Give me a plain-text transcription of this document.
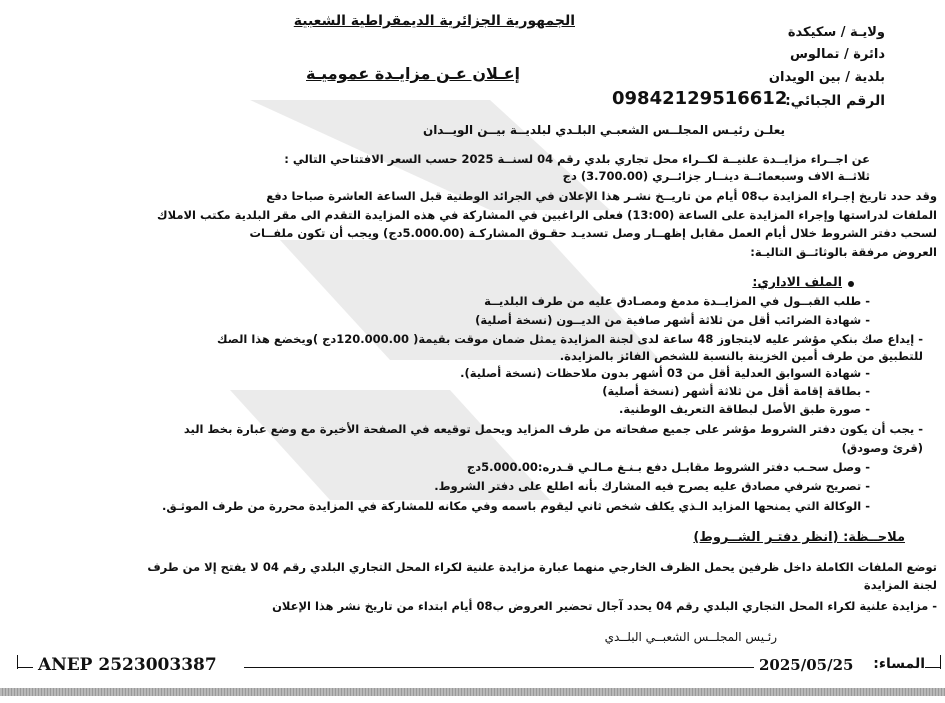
الجمهورية الجزائرية الديمقراطية الشعبية
ولايـة / سكيكدة
دائرة / تمالوس
بلدية / بين الويدان
الرقم الجبائي:
09842129516612
إعـلان عـن مزايـدة عموميـة
يعلـن رئيـس المجلــس الشعبـي البلـدي لبلديــة بيــن الويــدان
عن اجــراء مزايــدة علنيــة لكــراء محل تجاري بلدي رقم 04 لسنــة 2025 حسب السعر الافتتاحي التالي :
ثلاثــة الاف وسبعمائــة دينــار جزائــري (3.700.00) دج
وقد حدد تاريخ إجـراء المزايدة ب08 أيام من تاريــخ نشـر هذا الإعلان في الجرائد الوطنية قبل الساعة العاشرة صباحا دفع
الملفات لدراستها وإجراء المزايدة على الساعة (13:00) فعلى الراغبين في المشاركة في هذه المزايدة التقدم الى مقر البلدية مكتب الاملاك
لسحب دفتر الشروط خلال أيام العمل مقابل إظهــار وصل تسديـد حقـوق المشاركـة (5.000.00دج) ويجب أن تكون ملفــات
العروض مرفقة بالوثائــق التاليـة:
الملف الاداري:
- طلب القبــول في المزايــدة مدمغ ومصـادق عليه من طرف البلديــة
- شهادة الضرائب أقل من ثلاثة أشهر صافية من الديــون (نسخة أصلية)
- إيداع صك بنكي مؤشر عليه لايتجاوز 48 ساعة لدى لجنة المزايدة يمثل ضمان موقت بقيمة( 120.000.00دج )ويخضع هذا الصك
للتطبيق من طرف أمين الخزينة بالنسبة للشخص الفائز بالمزايدة.
- شهادة السوابق العدلية أقل من 03 أشهر بدون ملاحظات (نسخة أصلية).
- بطاقة إقامة أقل من ثلاثة أشهر (نسخة أصلية)
- صورة طبق الأصل لبطاقة التعريف الوطنية.
- يجب أن يكون دفتر الشروط مؤشر على جميع صفحاته من طرف المزايد ويحمل توقيعه في الصفحة الأخيرة مع وضع عبارة بخط اليد
(قرئ وصودق)
- وصل سحـب دفتر الشروط مقابـل دفع بـنـغ مـالـي قـدره:5.000.00دج
- تصريح شرفي مصادق عليه يصرح فيه المشارك بأنه اطلع على دفتر الشروط.
- الوكالة التي يمنحها المزايد الـذي يكلف شخص ثاني ليقوم باسمه وفي مكانه للمشاركة في المزايدة محررة من طرف الموثـق.
ملاحــظة: (انظر دفتـر الشــروط)
توضع الملفات الكاملة داخل ظرفين يحمل الظرف الخارجي منهما عبارة مزايدة علنية لكراء المحل التجاري البلدي رقم 04 لا يفتح إلا من طرف
لجنة المزايدة
- مزايدة علنية لكراء المحل التجاري البلدي رقم 04 يحدد آجال تحضير العروض ب08 أيام ابتداء من تاريخ نشر هذا الإعلان
رئـيس المجلــس الشعبــي البلــدي
ANEP 2523003387	2025/05/25 المساء:
